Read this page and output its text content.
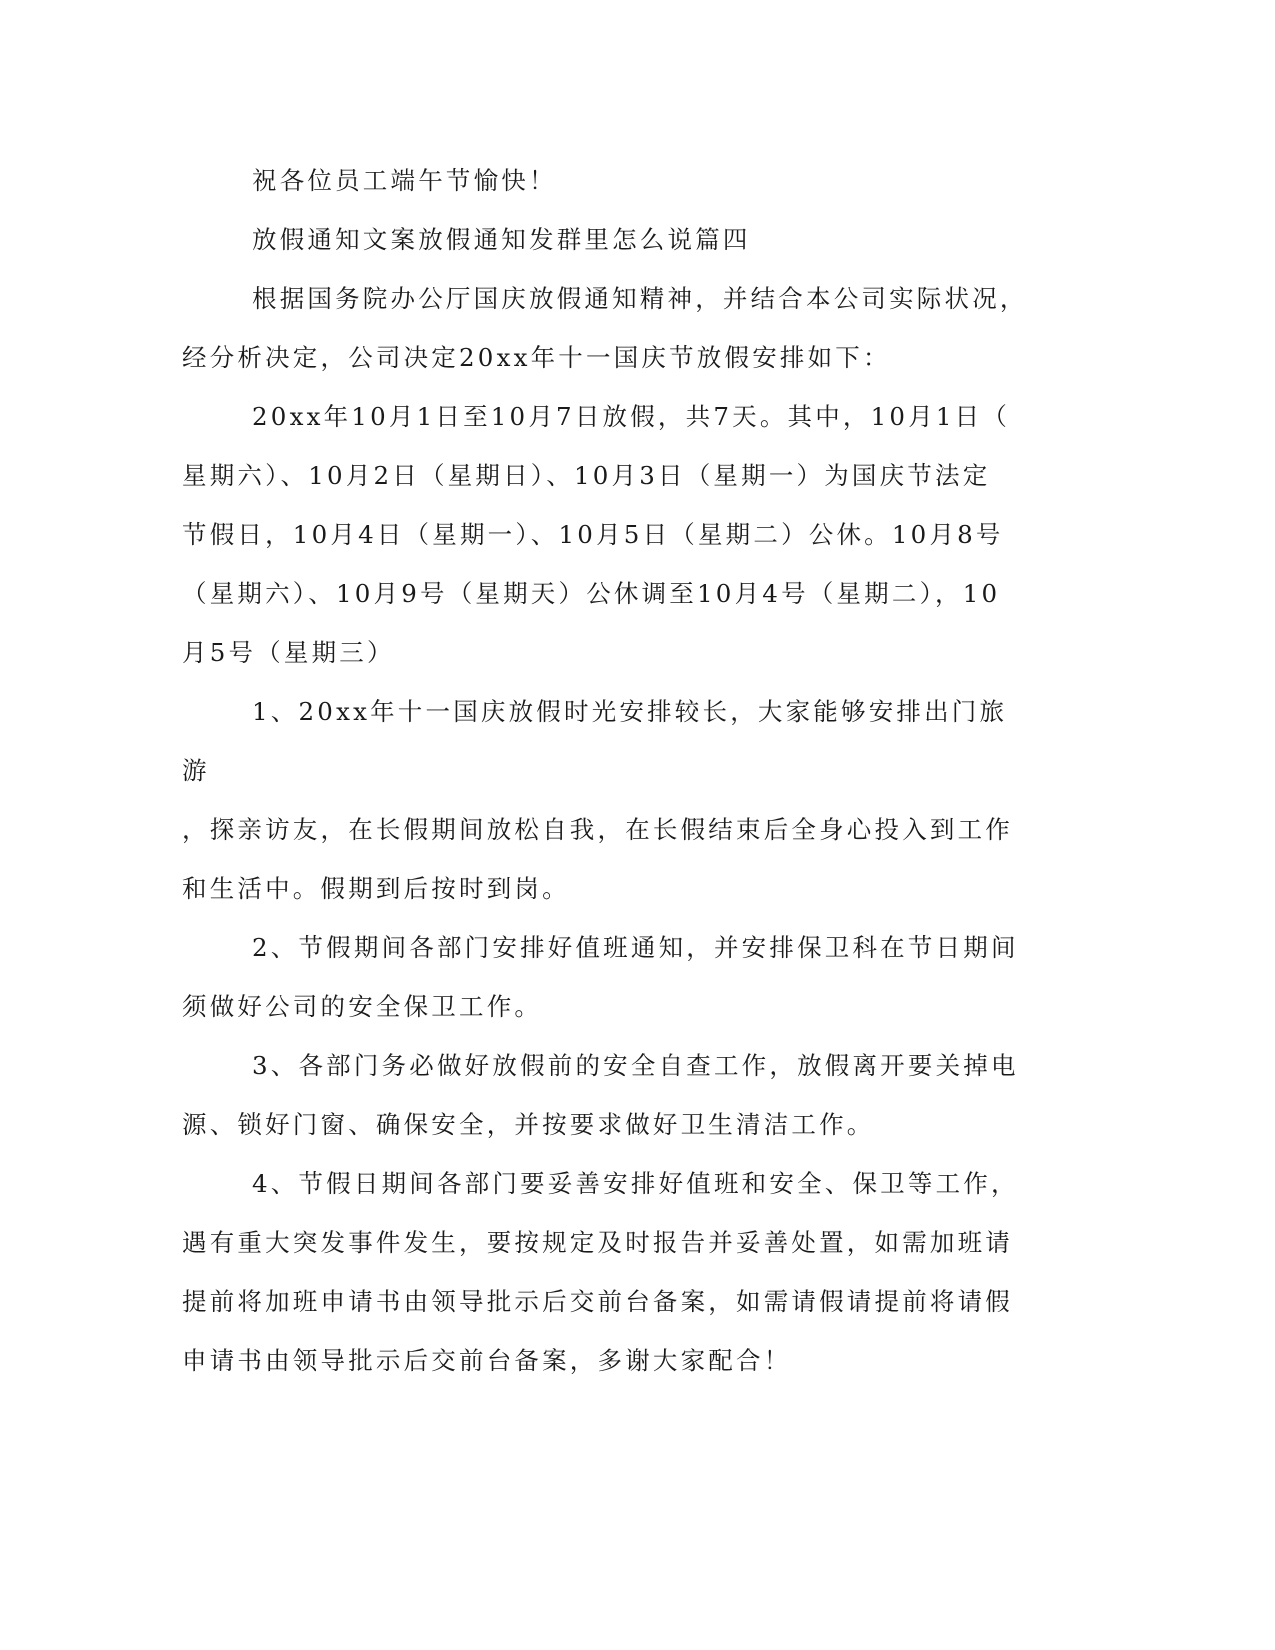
祝各位员工端午节愉快！

放假通知文案放假通知发群里怎么说篇四

根据国务院办公厅国庆放假通知精神，并结合本公司实际状况，
经分析决定，公司决定20xx年十一国庆节放假安排如下：

20xx年10月1日至10月7日放假，共7天。其中，10月1日（
星期六）、10月2日（星期日）、10月3日（星期一）为国庆节法定
节假日，10月4日（星期一）、10月5日（星期二）公休。10月8号
（星期六）、10月9号（星期天）公休调至10月4号（星期二），10
月5号（星期三）

1、20xx年十一国庆放假时光安排较长，大家能够安排出门旅游
，探亲访友，在长假期间放松自我，在长假结束后全身心投入到工作
和生活中。假期到后按时到岗。

2、节假期间各部门安排好值班通知，并安排保卫科在节日期间
须做好公司的安全保卫工作。

3、各部门务必做好放假前的安全自查工作，放假离开要关掉电
源、锁好门窗、确保安全，并按要求做好卫生清洁工作。

4、节假日期间各部门要妥善安排好值班和安全、保卫等工作，
遇有重大突发事件发生，要按规定及时报告并妥善处置，如需加班请
提前将加班申请书由领导批示后交前台备案，如需请假请提前将请假
申请书由领导批示后交前台备案，多谢大家配合！
